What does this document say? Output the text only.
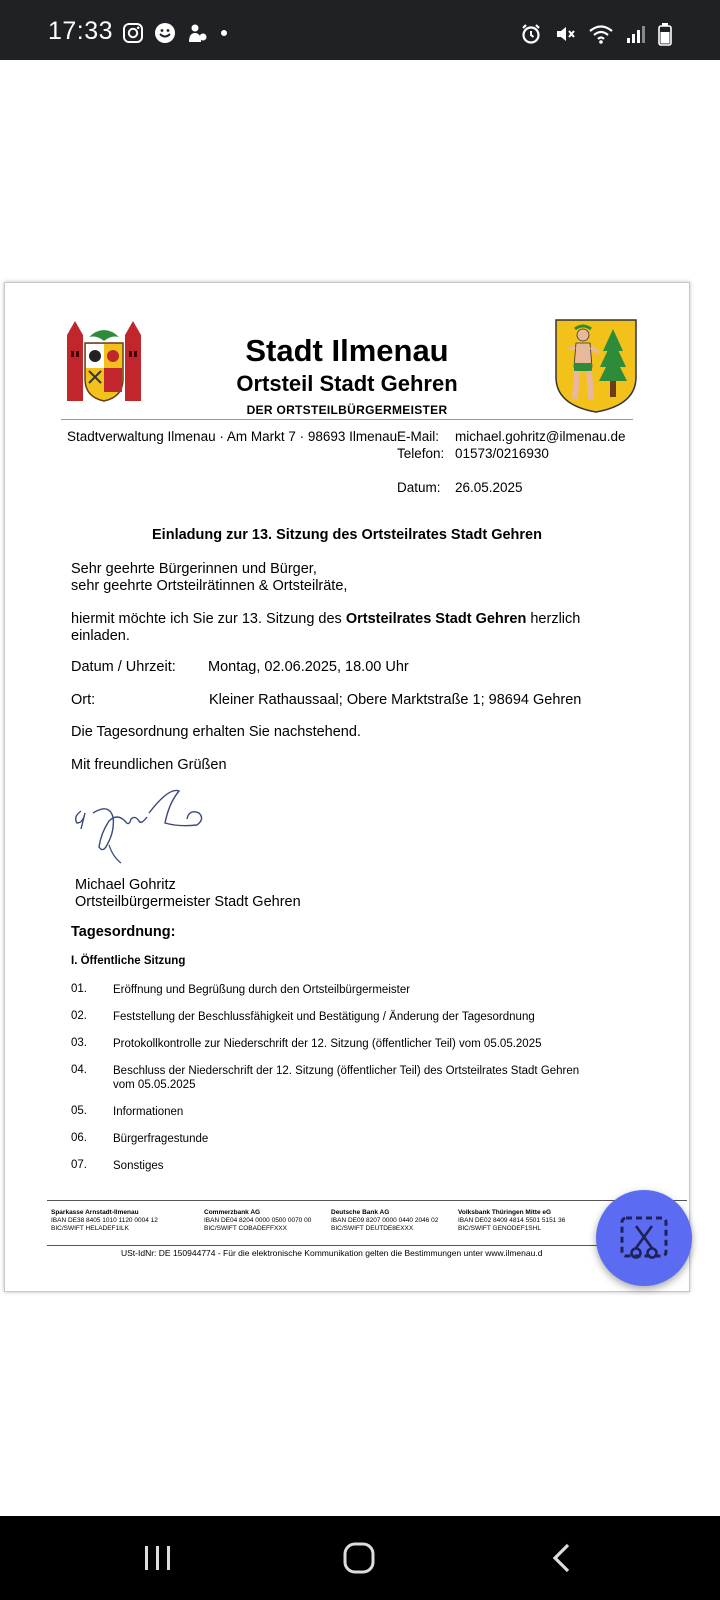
17:33
Stadt Ilmenau
Ortsteil Stadt Gehren
DER ORTSTEILBÜRGERMEISTER
Stadtverwaltung Ilmenau · Am Markt 7 · 98693 Ilmenau E-Mail: michael.gohritz@ilmenau.de
Telefon: 01573/0216930
Datum: 26.05.2025
Einladung zur 13. Sitzung des Ortsteilrates Stadt Gehren
Sehr geehrte Bürgerinnen und Bürger,
sehr geehrte Ortsteilrätinnen & Ortsteilräte,
hiermit möchte ich Sie zur 13. Sitzung des Ortsteilrates Stadt Gehren herzlich
einladen.
Datum / Uhrzeit: Montag, 02.06.2025, 18.00 Uhr
Ort:	Kleiner Rathaussaal; Obere Marktstraße 1; 98694 Gehren
Die Tagesordnung erhalten Sie nachstehend.
Mit freundlichen Grüßen
Michael Gohritz
Ortsteilbürgermeister Stadt Gehren
Tagesordnung:
I. Öffentliche Sitzung
01. Eröffnung und Begrüßung durch den Ortsteilbürgermeister
02. Feststellung der Beschlussfähigkeit und Bestätigung / Änderung der Tagesordnung
03. Protokollkontrolle zur Niederschrift der 12. Sitzung (öffentlicher Teil) vom 05.05.2025
04. Beschluss der Niederschrift der 12. Sitzung (öffentlicher Teil) des Ortsteilrates Stadt Gehren vom 05.05.2025
05. Informationen
06. Bürgerfragestunde
07. Sonstiges
Sparkasse Arnstadt-Ilmenau
IBAN DE38 8405 1010 1120 0004 12
BIC/SWIFT HELADEF1ILK
Commerzbank AG
IBAN DE04 8204 0000 0500 0070 00
BIC/SWIFT COBADEFFXXX
Deutsche Bank AG
IBAN DE09 8207 0000 0440 2046 02
BIC/SWIFT DEUTDE8EXXX
Volksbank Thüringen Mitte eG
IBAN DE02 8409 4814 5501 5151 36
BIC/SWIFT GENODEF1SHL
USt-IdNr: DE 150944774 - Für die elektronische Kommunikation gelten die Bestimmungen unter www.ilmenau.d
